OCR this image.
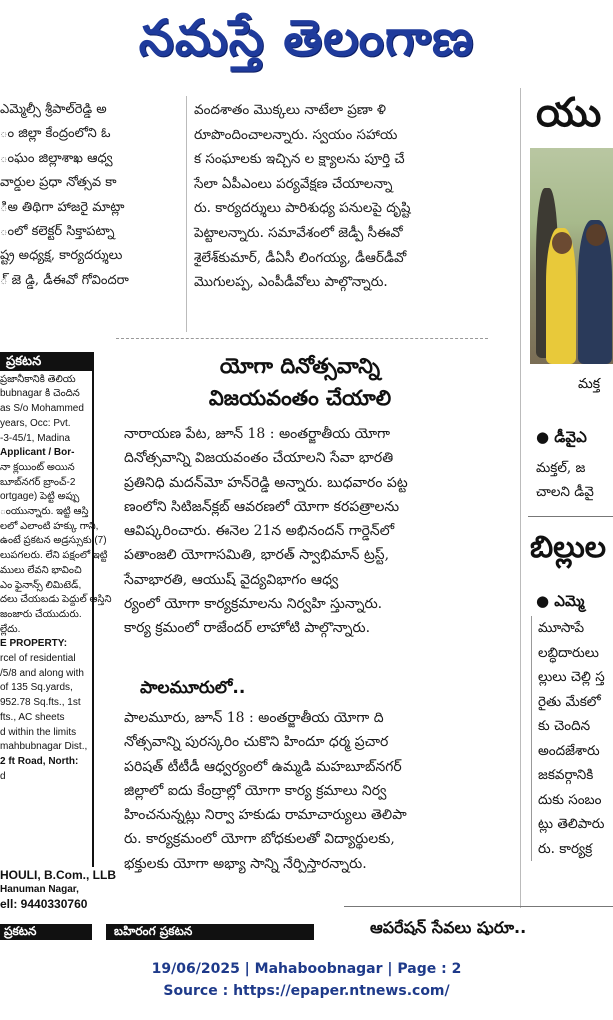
నమస్తే తెలంగాణ

ఎమ్మెల్సీ శ్రీపాల్‌రెడ్డి అ

ం జిల్లా కేంద్రంలోని ఓ

ంఘం జిల్లాశాఖ ఆధ్వ

వార్డుల ప్రధా నోత్సవ కా

ిఅ తిథిగా హాజరై మాట్లా

ంలో కలెక్టర్ సిక్తాపట్నా

ష్ట్ర అధ్యక్ష, కార్యదర్శులు

్ జె డ్డి, డీఈవో గోవిందరా

వందశాతం మొక్కలు నాటేలా ప్రణా ళి

రూపొందించాలన్నారు. స్వయం సహాయ

క సంఘాలకు ఇచ్చిన ల క్ష్యాలను పూర్తి చే

సేలా ఏపీఎంలు పర్యవేక్షణ చేయాలన్నా

రు. కార్యదర్శులు పారిశుధ్య పనులపై దృష్టి

పెట్టాలన్నారు. సమావేశంలో జెడ్పీ సీఈవో

శైలేశ్‌కుమార్, డీఏసీ లింగయ్య, డీఆర్‌డీవో

మొగులప్ప, ఎంపీడీవోలు పాల్గొన్నారు.

యోగా దినోత్సవాన్ని
విజయవంతం చేయాలి

నారాయణ పేట, జూన్ 18 : అంతర్జాతీయ యోగా

దినోత్సవాన్ని విజయవంతం చేయాలని సేవా భారతి

ప్రతినిధి మదన్‌మో హన్‌రెడ్డి అన్నారు. బుధవారం పట్ట

ణంలోని సిటిజన్‌క్లబ్ ఆవరణలో యోగా కరపత్రాలను

ఆవిష్కరించారు. ఈనెల 21న అభినందన్ గార్డెన్‌లో

పతాంజలి యోగాసమితి, భారత్ స్వాభిమాన్ ట్రస్ట్,

సేవాభారతి, ఆయుష్ వైద్యవిభాగం ఆధ్వ

ర్యంలో యోగా కార్యక్రమాలను నిర్వహి స్తున్నారు.

కార్య క్రమంలో రాజేందర్ లాహోటి పాల్గొన్నారు.

పాలమూరులో..

పాలమూరు, జూన్ 18 : అంతర్జాతీయ యోగా ది

నోత్సవాన్ని పురస్కరిం చుకొని హిందూ ధర్మ ప్రచార

పరిషత్ టీటీడీ ఆధ్వర్యంలో ఉమ్మడి మహబూబ్‌నగర్

జిల్లాలో ఐదు కేంద్రాల్లో యోగా కార్య క్రమాలు నిర్వ

హించనున్నట్లు నిర్వా హకుడు రామాచార్యులు తెలిపా

రు. కార్యక్రమంలో యోగా బోధకులతో విద్యార్థులకు,

భక్తులకు యోగా అభ్యా సాన్ని నేర్పిస్తారన్నారు.

ప్రకటన
ప్రజానీకానికి తెలియ
bubnagar కి చెందిన
as S/o Mohammed
years, Occ: Pvt.
-3-45/1, Madina
Applicant / Bor-
నా క్లయింట్ అయిన
బూబ్‌నగర్ బ్రాంచ్-2
ortgage) పెట్టి అప్పు
ంయున్నారు. ఇట్టి ఆస్తి
లలో ఎలాంటి హక్కు గాని,
ఉంటే ప్రకటన అడ్రస్సుకు (7)
లుపగలరు. లేని పక్షంలో ఇట్టి
ములు లేవని భావించి
ఎం ఫైనాన్స్ లిమిటెడ్,
దలు చేయబడు పెద్దుల్ ఆస్తిని
జంజారు చేయుదురు.
ల్లేదు.
E PROPERTY:
rcel of residential
/5/8 and along with
of 135 Sq.yards,
952.78 Sq.fts., 1st
fts., AC sheets
d within the limits
mahbubnagar Dist.,
2 ft Road, North:
d
HOULI, B.Com., LLB
Hanuman Nagar,
ell: 9440330760
యు
మక్త
● డీవైఎ
మక్తల్, జ
చాలని డీవై
బిల్లుల
● ఎమ్మె
మూసాపే
లబ్ధిదారులు
ల్లులు చెల్లి స్త
రైతు మేకలో
కు చెందిన
అందజేశారు
జకవర్గానికి
దుకు సంబం
ట్లు తెలిపారు
రు. కార్యక్ర
ఆపరేషన్ సేవలు షురూ..
ప్రకటన	బహిరంగ ప్రకటన
19/06/2025 | Mahaboobnagar | Page : 2
Source : https://epaper.ntnews.com/
